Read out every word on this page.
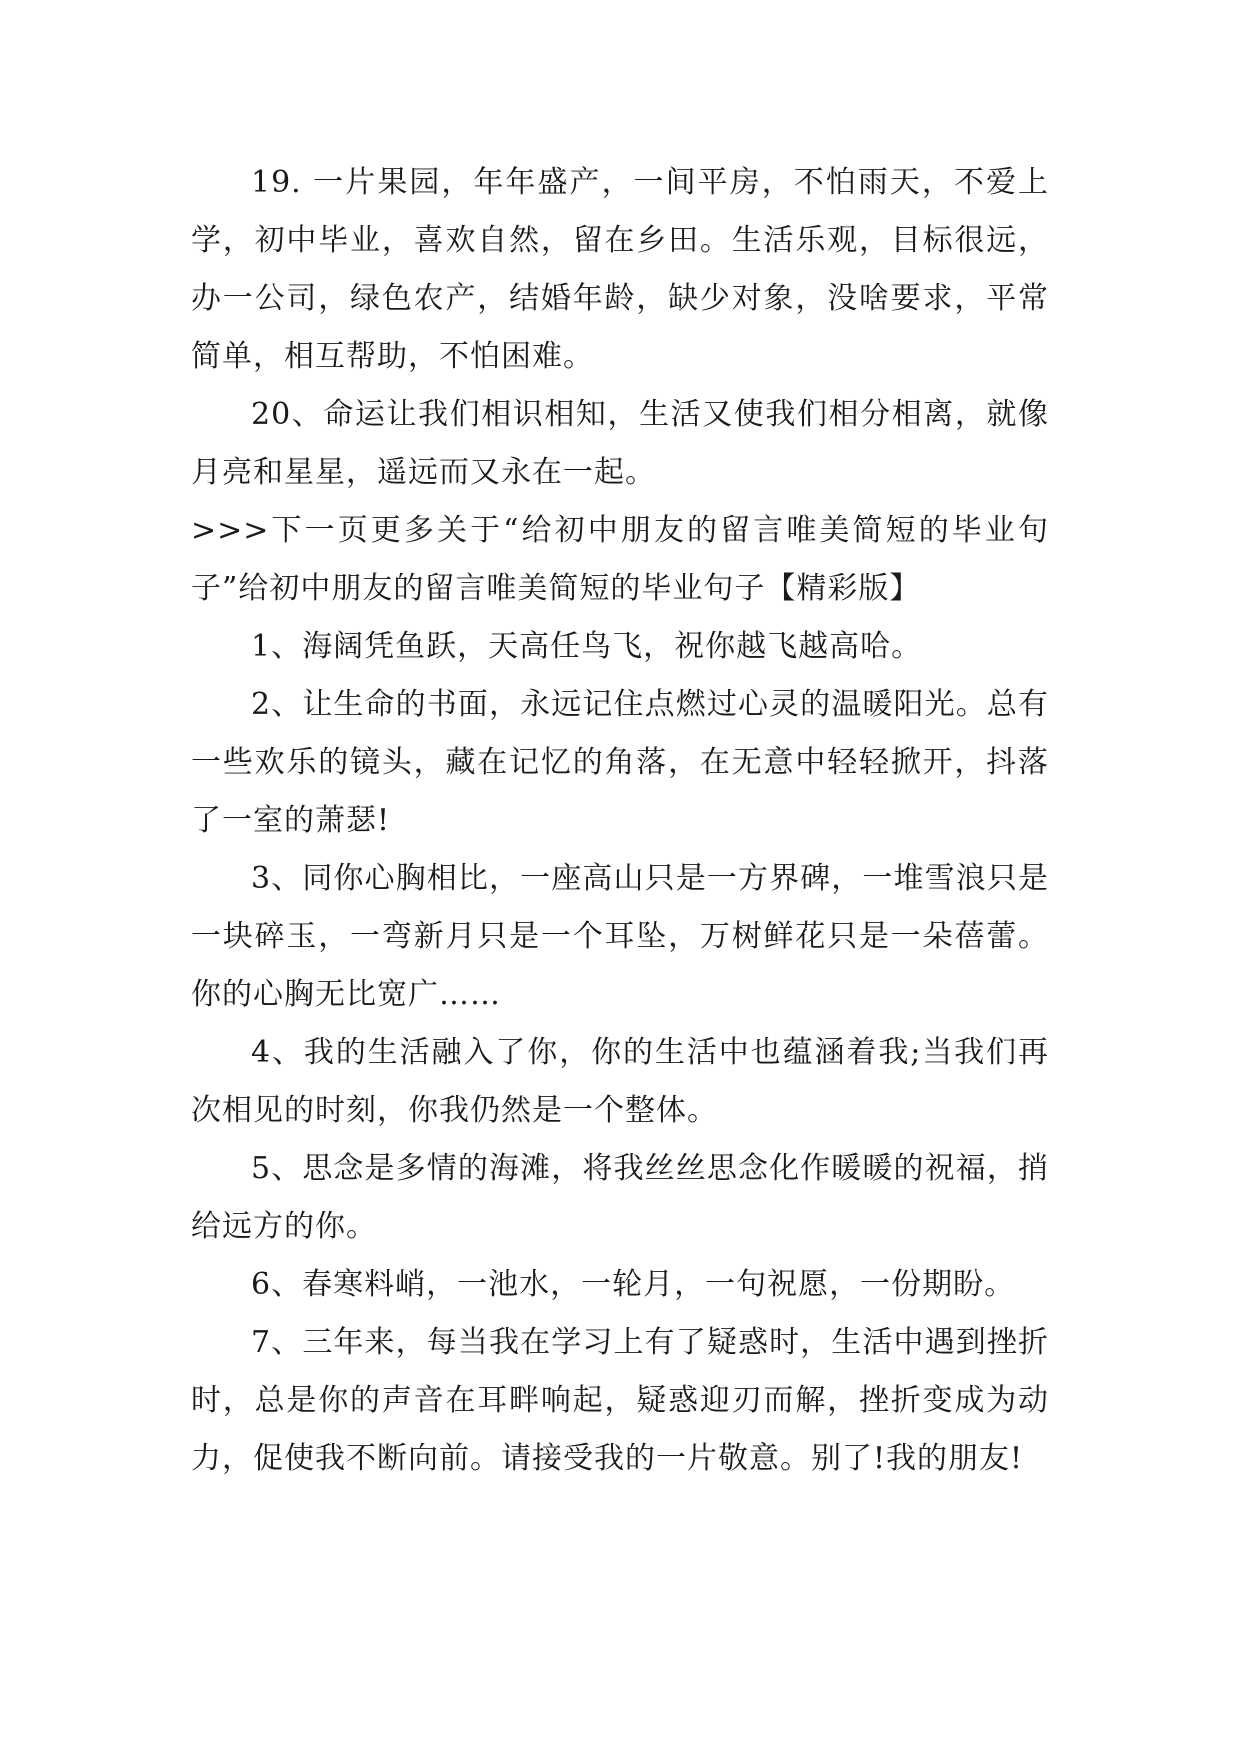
19. 一片果园，年年盛产，一间平房，不怕雨天，不爱上学，初中毕业，喜欢自然，留在乡田。生活乐观，目标很远，办一公司，绿色农产，结婚年龄，缺少对象，没啥要求，平常简单，相互帮助，不怕困难。

20、命运让我们相识相知，生活又使我们相分相离，就像月亮和星星，遥远而又永在一起。

>>>下一页更多关于“给初中朋友的留言唯美简短的毕业句子”给初中朋友的留言唯美简短的毕业句子【精彩版】

1、海阔凭鱼跃，天高任鸟飞，祝你越飞越高哈。

2、让生命的书面，永远记住点燃过心灵的温暖阳光。总有一些欢乐的镜头，藏在记忆的角落，在无意中轻轻掀开，抖落了一室的萧瑟!

3、同你心胸相比，一座高山只是一方界碑，一堆雪浪只是一块碎玉，一弯新月只是一个耳坠，万树鲜花只是一朵蓓蕾。你的心胸无比宽广……

4、我的生活融入了你，你的生活中也蕴涵着我;当我们再次相见的时刻，你我仍然是一个整体。

5、思念是多情的海滩，将我丝丝思念化作暖暖的祝福，捎给远方的你。

6、春寒料峭，一池水，一轮月，一句祝愿，一份期盼。

7、三年来，每当我在学习上有了疑惑时，生活中遇到挫折时，总是你的声音在耳畔响起，疑惑迎刃而解，挫折变成为动力，促使我不断向前。请接受我的一片敬意。别了!我的朋友!
